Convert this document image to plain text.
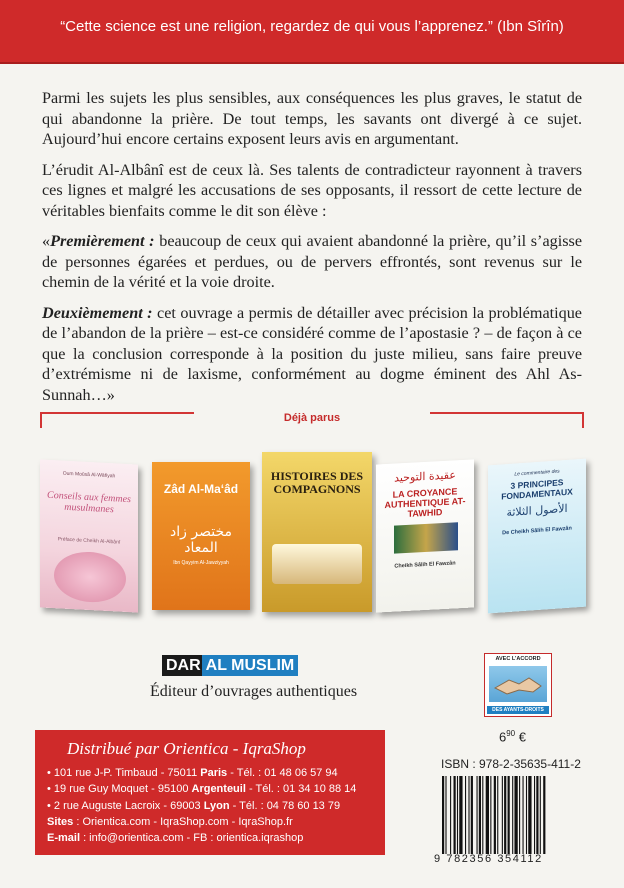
“Cette science est une religion, regardez de qui vous l’apprenez.” (Ibn Sîrîn)

Parmi les sujets les plus sensibles, aux conséquences les plus graves, le statut de qui abandonne la prière. De tout temps, les savants ont divergé à ce sujet. Aujourd’hui encore certains exposent leurs avis en argumentant.

L’érudit Al-Albânî est de ceux là. Ses talents de contradicteur rayonnent à travers ces lignes et malgré les accusations de ses opposants, il ressort de cette lecture de véritables bienfaits comme le dit son élève :

«Premièrement : beaucoup de ceux qui avaient abandonné la prière, qu’il s’agisse de personnes égarées et perdues, ou de pervers effrontés, sont revenus sur le chemin de la vérité et la voie droite.

Deuxièmement : cet ouvrage a permis de détailler avec précision la problématique de l’abandon de la prière – est-ce considéré comme de l’apostasie ? – de façon à ce que la conclusion corresponde à la position du juste milieu, sans faire preuve d’extrémisme ni de laxisme, conformément au dogme éminent des Ahl As-Sunnah…»

Déjà parus
Oum Moûsâ Al-Wâfiyah
Conseils aux femmes musulmanes
Préface de Cheikh Al-Albânî
Zâd Al-Ma‘âd
مختصر زاد المعاد
Ibn Qayyim Al-Jawziyyah
HISTOIRES DES COMPAGNONS
عقيدة التوحيد
LA CROYANCE AUTHENTIQUE AT-TAWHID
Cheikh Sâlih El Fawzân
Le commentaire des
3 PRINCIPES FONDAMENTAUX
الأصول الثلاثة
De Cheikh Sâlih El Fawzân
DAR AL MUSLIM
Éditeur d’ouvrages authentiques
AVEC L’ACCORD
DES AYANTS-DROITS
Distribué par Orientica - IqraShop
• 101 rue J-P. Timbaud - 75011 Paris - Tél. : 01 48 06 57 94
• 19 rue Guy Moquet - 95100 Argenteuil - Tél. : 01 34 10 88 14
• 2 rue Auguste Lacroix - 69003 Lyon - Tél. : 04 78 60 13 79
Sites : Orientica.com - IqraShop.com - IqraShop.fr
E-mail : info@orientica.com - FB : orientica.iqrashop
$6^{90}$ €
ISBN : 978-2-35635-411-2
9 782356 354112
